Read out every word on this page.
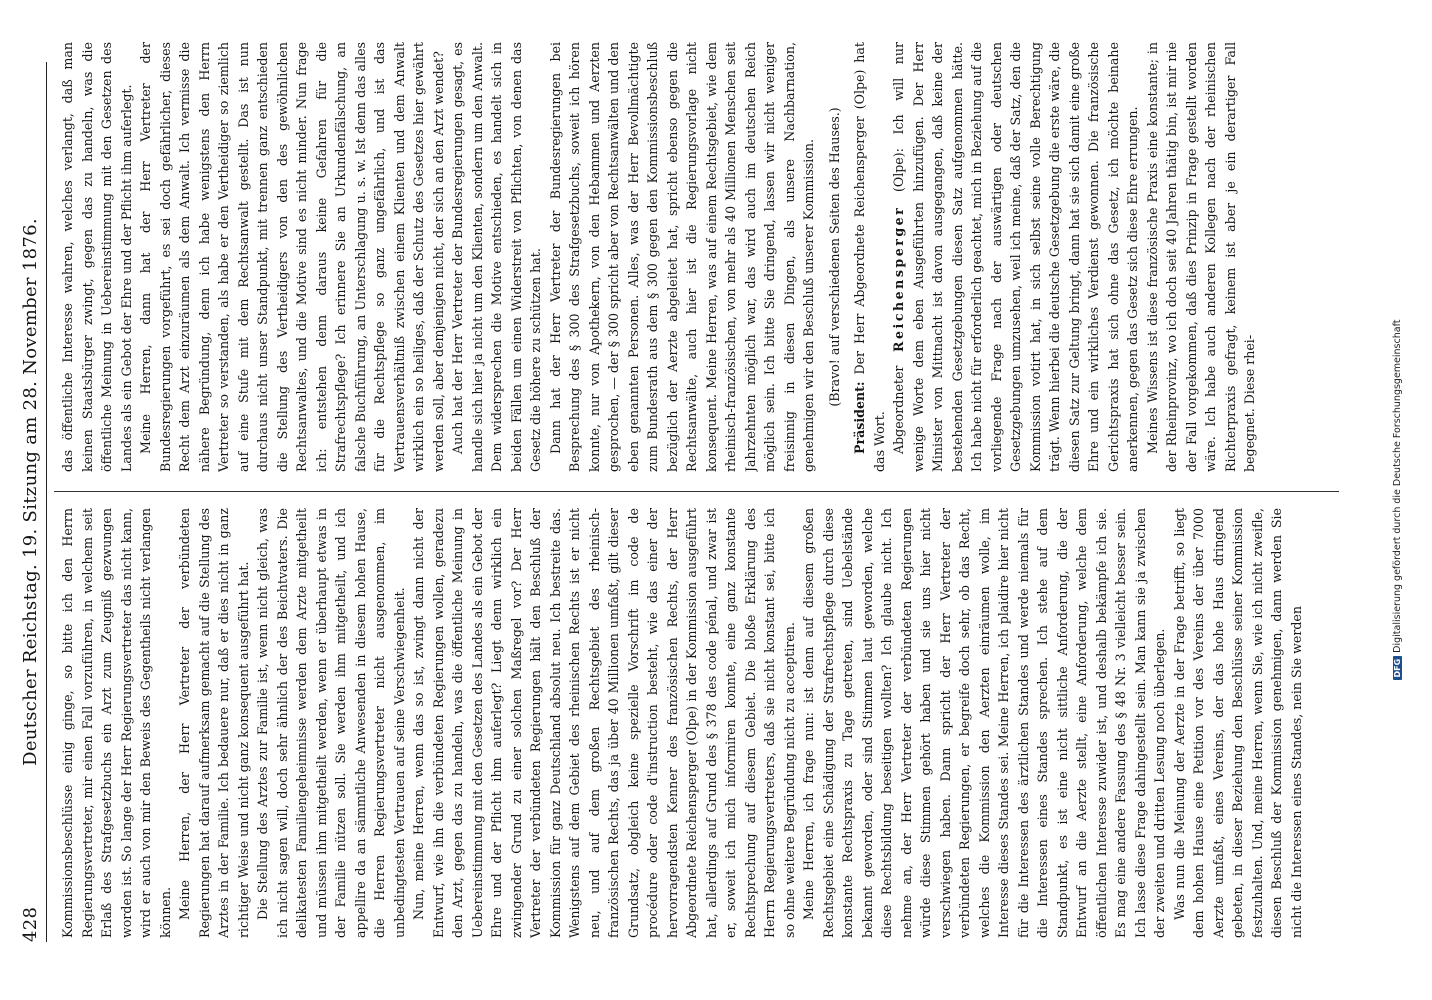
428
Deutscher Reichstag. 19. Sitzung am 28. November 1876. Kommissionsbeschlüsse einig ginge, so bitte ich den Herrn Regierungsvertreter, mir einen Fall vorzuführen, in welchem seit Erlaß des Strafgesetzbuchs ein Arzt zum Zeugniß gezwungen worden ist. So lange der Herr Regierungsvertreter das nicht kann, wird er auch von mir den Beweis des Gegentheils nicht verlangen können. Meine Herren, der Herr Vertreter der verbündeten Regierungen hat darauf aufmerksam gemacht auf die Stellung des Arztes in der Familie. Ich bedauere nur, daß er dies nicht in ganz richtiger Weise und nicht ganz konsequent ausgeführt hat. Die Stellung des Arztes zur Familie ist, wenn nicht gleich, was ich nicht sagen will, doch sehr ähnlich der des Beichtvaters. Die delikatesten Familiengeheimnisse werden dem Arzte mitgetheilt und müssen ihm mitgetheilt werden, wenn er überhaupt etwas in der Familie nützen soll. Sie werden ihm mitgetheilt, und ich appellire da an sämmtliche Anwesenden in diesem hohen Hause, die Herren Regierungsvertreter nicht ausgenommen, im unbedingtesten Vertrauen auf seine Verschwiegenheit. Nun, meine Herren, wenn das so ist, zwingt dann nicht der Entwurf, wie ihn die verbündeten Regierungen wollen, geradezu den Arzt, gegen das zu handeln, was die öffentliche Meinung in Uebereinstimmung mit den Gesetzen des Landes als ein Gebot der Ehre und der Pflicht ihm auferlegt? Liegt denn wirklich ein zwingender Grund zu einer solchen Maßregel vor? Der Herr Vertreter der verbündeten Regierungen hält den Beschluß der Kommission für ganz Deutschland absolut neu. Ich bestreite das. Wenigstens auf dem Gebiet des rheinischen Rechts ist er nicht neu, und auf dem großen Rechtsgebiet des rheinisch-französischen Rechts, das ja über 40 Millionen umfaßt, gilt dieser Grundsatz, obgleich keine spezielle Vorschrift im code de procédure oder code d'instruction besteht, wie das einer der hervorragendsten Kenner des französischen Rechts, der Herr Abgeordnete Reichensperger (Olpe) in der Kommission ausgeführt hat, allerdings auf Grund des § 378 des code pénal, und zwar ist er, soweit ich mich informiren konnte, eine ganz konstante Rechtsprechung auf diesem Gebiet. Die bloße Erklärung des Herrn Regierungsvertreters, daß sie nicht konstant sei, bitte ich so ohne weitere Begründung nicht zu acceptiren. Meine Herren, ich frage nun: ist denn auf diesem großen Rechtsgebiet eine Schädigung der Strafrechtspflege durch diese konstante Rechtspraxis zu Tage getreten, sind Uebelstände bekannt geworden, oder sind Stimmen laut geworden, welche diese Rechtsbildung beseitigen wollten? Ich glaube nicht. Ich nehme an, der Herr Vertreter der verbündeten Regierungen würde diese Stimmen gehört haben und sie uns hier nicht verschwiegen haben. Dann spricht der Herr Vertreter der verbündeten Regierungen, er begreife doch sehr, ob das Recht, welches die Kommission den Aerzten einräumen wolle, im Interesse dieses Standes sei. Meine Herren, ich plaidire hier nicht für die Interessen des ärztlichen Standes und werde niemals für die Interessen eines Standes sprechen. Ich stehe auf dem Standpunkt, es ist eine nicht sittliche Anforderung, die der Entwurf an die Aerzte stellt, eine Anforderung, welche dem öffentlichen Interesse zuwider ist, und deshalb bekämpfe ich sie. Es mag eine andere Fassung des § 48 Nr. 3 vielleicht besser sein. Ich lasse diese Frage dahingestellt sein. Man kann sie ja zwischen der zweiten und dritten Lesung noch überlegen. Was nun die Meinung der Aerzte in der Frage betrifft, so liegt dem hohen Hause eine Petition vor des Vereins der über 7000 Aerzte umfaßt, eines Vereins, der das hohe Haus dringend gebeten, in dieser Beziehung den Beschlüsse seiner Kommission festzuhalten. Und, meine Herren, wenn Sie, wie ich nicht zweifle, diesen Beschluß der Kommission genehmigen, dann werden Sie nicht die Interessen eines Standes, nein Sie werden

das öffentliche Interesse wahren, welches verlangt, daß man keinen Staatsbürger zwingt, gegen das zu handeln, was die öffentliche Meinung in Uebereinstimmung mit den Gesetzen des Landes als ein Gebot der Ehre und der Pflicht ihm auferlegt. Meine Herren, dann hat der Herr Vertreter der Bundesregierungen vorgeführt, es sei doch gefährlicher, dieses Recht dem Arzt einzuräumen als dem Anwalt. Ich vermisse die nähere Begründung, denn ich habe wenigstens den Herrn Vertreter so verstanden, als habe er den Vertheidiger so ziemlich auf eine Stufe mit dem Rechtsanwalt gestellt. Das ist nun durchaus nicht unser Standpunkt, mit trennen ganz entschieden die Stellung des Vertheidigers von den des gewöhnlichen Rechtsanwaltes, und die Motive sind es nicht minder. Nun frage ich: entstehen denn daraus keine Gefahren für die Strafrechtspflege? Ich erinnere Sie an Urkundenfälschung, an falsche Buchführung, an Unterschlagung u. s. w. Ist denn das alles für die Rechtspflege so ganz ungefährlich, und ist das Vertrauensverhältniß zwischen einem Klienten und dem Anwalt wirklich ein so heiliges, daß der Schutz des Gesetzes hier gewährt werden soll, aber demjenigen nicht, der sich an den Arzt wendet? Auch hat der Herr Vertreter der Bundesregierungen gesagt, es handle sich hier ja nicht um den Klienten, sondern um den Anwalt. Dem widersprechen die Motive entschieden, es handelt sich in beiden Fällen um einen Widerstreit von Pflichten, von denen das Gesetz die höhere zu schützen hat. Dann hat der Herr Vertreter der Bundesregierungen bei Besprechung des § 300 des Strafgesetzbuchs, soweit ich hören konnte, nur von Apothekern, von den Hebammen und Aerzten gesprochen, — der § 300 spricht aber von Rechtsanwälten und den eben genannten Personen. Alles, was der Herr Bevollmächtigte zum Bundesrath aus dem § 300 gegen den Kommissionsbeschluß bezüglich der Aerzte abgeleitet hat, spricht ebenso gegen die Rechtsanwälte, auch hier ist die Regierungsvorlage nicht konsequent. Meine Herren, was auf einem Rechtsgebiet, wie dem rheinisch-französischen, von mehr als 40 Millionen Menschen seit Jahrzehnten möglich war, das wird auch im deutschen Reich möglich sein. Ich bitte Sie dringend, lassen wir nicht weniger freisinnig in diesen Dingen, als unsere Nachbarnation, genehmigen wir den Beschluß unserer Kommission. (Bravo! auf verschiedenen Seiten des Hauses.)

Präsident: Der Herr Abgeordnete Reichensperger (Olpe) hat das Wort. Abgeordneter Reichensperger (Olpe): Ich will nur wenige Worte dem eben Ausgeführten hinzufügen. Der Herr Minister von Mittnacht ist davon ausgegangen, daß keine der bestehenden Gesetzgebungen diesen Satz aufgenommen hätte. Ich habe nicht für erforderlich geachtet, mich in Beziehung auf die vorliegende Frage nach der auswärtigen oder deutschen Gesetzgebungen umzusehen, weil ich meine, daß der Satz, den die Kommission votirt hat, in sich selbst seine volle Berechtigung trägt. Wenn hierbei die deutsche Gesetzgebung die erste wäre, die diesen Satz zur Geltung bringt, dann hat sie sich damit eine große Ehre und ein wirkliches Verdienst gewonnen. Die französische Gerichtspraxis hat sich ohne das Gesetz, ich möchte beinahe anerkennen, gegen das Gesetz sich diese Ehre errungen. Meines Wissens ist diese französische Praxis eine konstante; in der Rheinprovinz, wo ich doch seit 40 Jahren thätig bin, ist mir nie der Fall vorgekommen, daß dies Prinzip in Frage gestellt worden wäre. Ich habe auch anderen Kollegen nach der rheinischen Richterpraxis gefragt, keinem ist aber je ein derartiger Fall begegnet. Diese rhei-

DFGDigitalisierung gefördert durch die Deutsche Forschungsgemeinschaft
